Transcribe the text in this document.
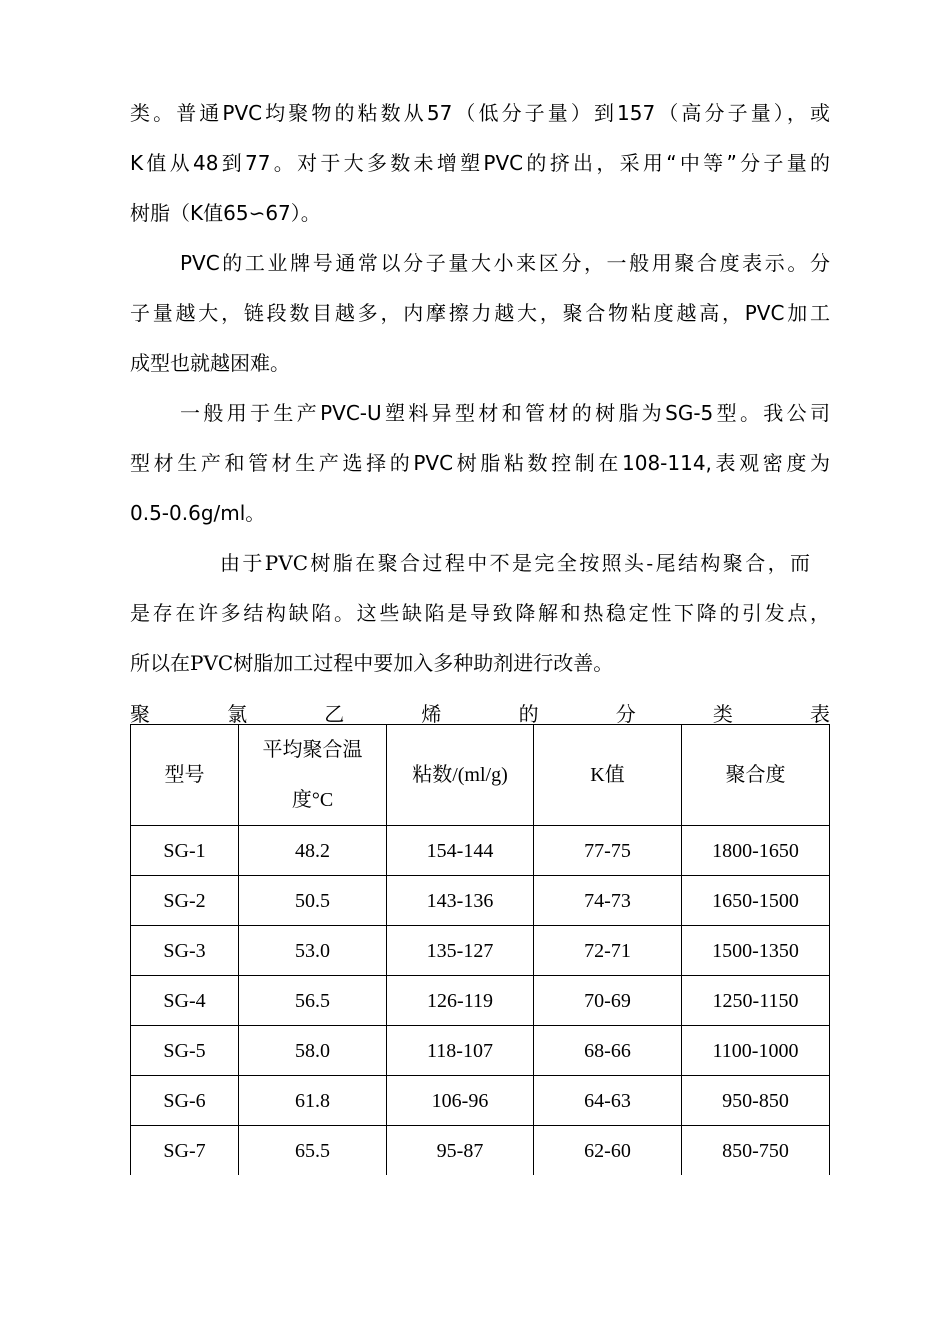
类。普通PVC均聚物的粘数从57（低分子量）到157（高分子量），或
K值从48到77。对于大多数未增塑PVC的挤出，采用“中等”分子量的
树脂（K值65∽67）。
PVC的工业牌号通常以分子量大小来区分，一般用聚合度表示。分
子量越大，链段数目越多，内摩擦力越大，聚合物粘度越高，PVC加工
成型也就越困难。
一般用于生产PVC-U塑料异型材和管材的树脂为SG-5型。我公司
型材生产和管材生产选择的PVC树脂粘数控制在108-114,表观密度为
0.5-0.6g/ml。
由于PVC树脂在聚合过程中不是完全按照头-尾结构聚合，而
是存在许多结构缺陷。这些缺陷是导致降解和热稳定性下降的引发点，
所以在PVC树脂加工过程中要加入多种助剂进行改善。
聚	氯	乙	烯	的	分	类	表
型号	平均聚合温度°C	粘数/(ml/g)	K值	聚合度
SG-1	48.2	154-144	77-75	1800-1650
SG-2	50.5	143-136	74-73	1650-1500
SG-3	53.0	135-127	72-71	1500-1350
SG-4	56.5	126-119	70-69	1250-1150
SG-5	58.0	118-107	68-66	1100-1000
SG-6	61.8	106-96	64-63	950-850
SG-7	65.5	95-87	62-60	850-750
